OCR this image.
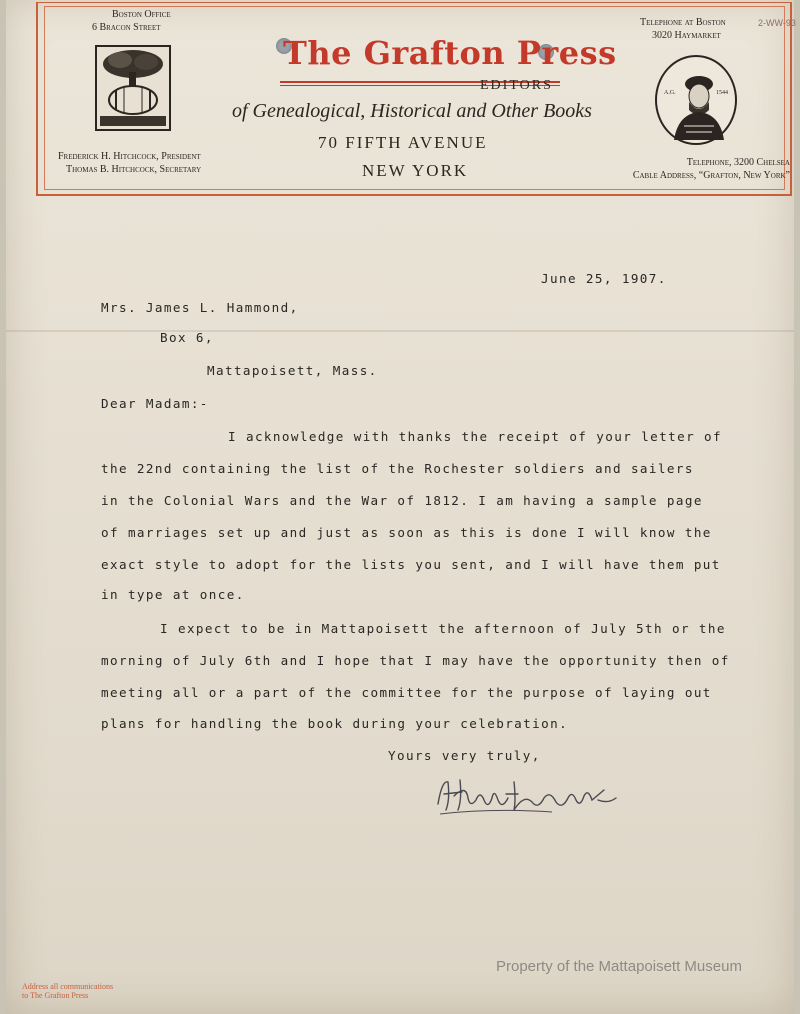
Boston Office
6 Bracon Street	Telephone at Boston
3020 Haymarket
2-WW-93
The Grafton Press
EDITORS
of Genealogical, Historical and Other Books
70 FIFTH AVENUE
NEW YORK
A.G.	1544
Frederick H. Hitchcock, President
Thomas B. Hitchcock, Secretary
Telephone, 3200 Chelsea
Cable Address, “Grafton, New York”
June 25, 1907.
Mrs. James L. Hammond,
Box 6,
Mattapoisett, Mass.
Dear Madam:-
I acknowledge with thanks the receipt of your letter of
the 22nd containing the list of the Rochester soldiers and sailers
in the Colonial Wars and the War of 1812. I am having a sample page
of marriages set up and just as soon as this is done I will know the
exact style to adopt for the lists you sent, and I will have them put
in type at once.
I expect to be in Mattapoisett the afternoon of July 5th or the
morning of July 6th and I hope that I may have the opportunity then of
meeting all or a part of the committee for the purpose of laying out
plans for handling the book during your celebration.
Yours very truly,
Address all communications
to The Grafton Press
Property of the Mattapoisett Museum
